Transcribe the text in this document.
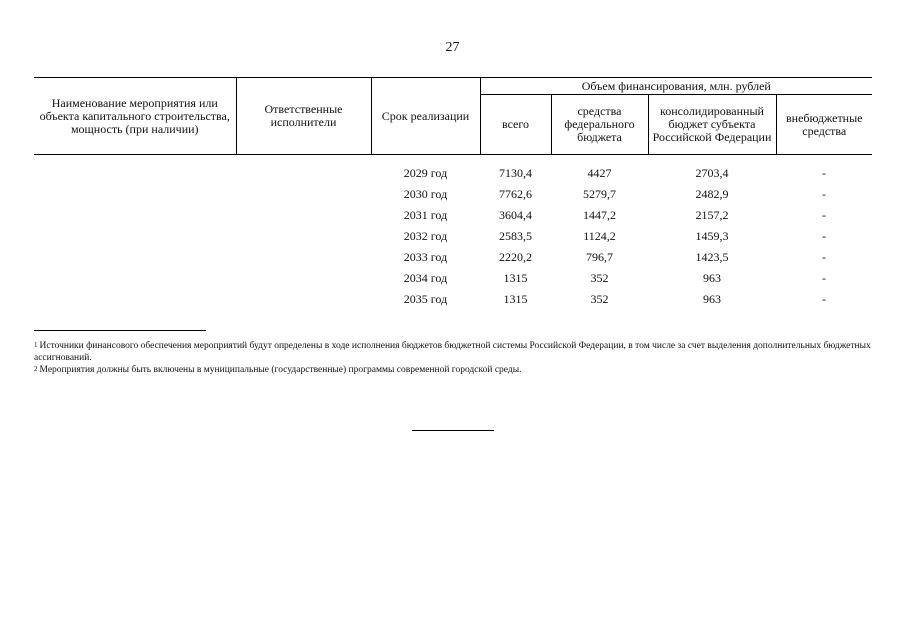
27
Наименование мероприятия или объекта капитального строительства, мощность (при наличии)	Ответственные исполнители	Срок реализации	Объем финансирования, млн. рублей			
			всего	средства федерального бюджета	консолидированный бюджет субъекта Российской Федерации	внебюджетные средства

		2029 год	7130,4	4427	2703,4	-
		2030 год	7762,6	5279,7	2482,9	-
		2031 год	3604,4	1447,2	2157,2	-
		2032 год	2583,5	1124,2	1459,3	-
		2033 год	2220,2	796,7	1423,5	-
		2034 год	1315	352	963	-
		2035 год	1315	352	963	-

$^1$ Источники финансового обеспечения мероприятий будут определены в ходе исполнения бюджетов бюджетной системы Российской Федерации, в том числе за счет выделения дополнительных бюджетных ассигнований.

$^2$ Мероприятия должны быть включены в муниципальные (государственные) программы современной городской среды.
